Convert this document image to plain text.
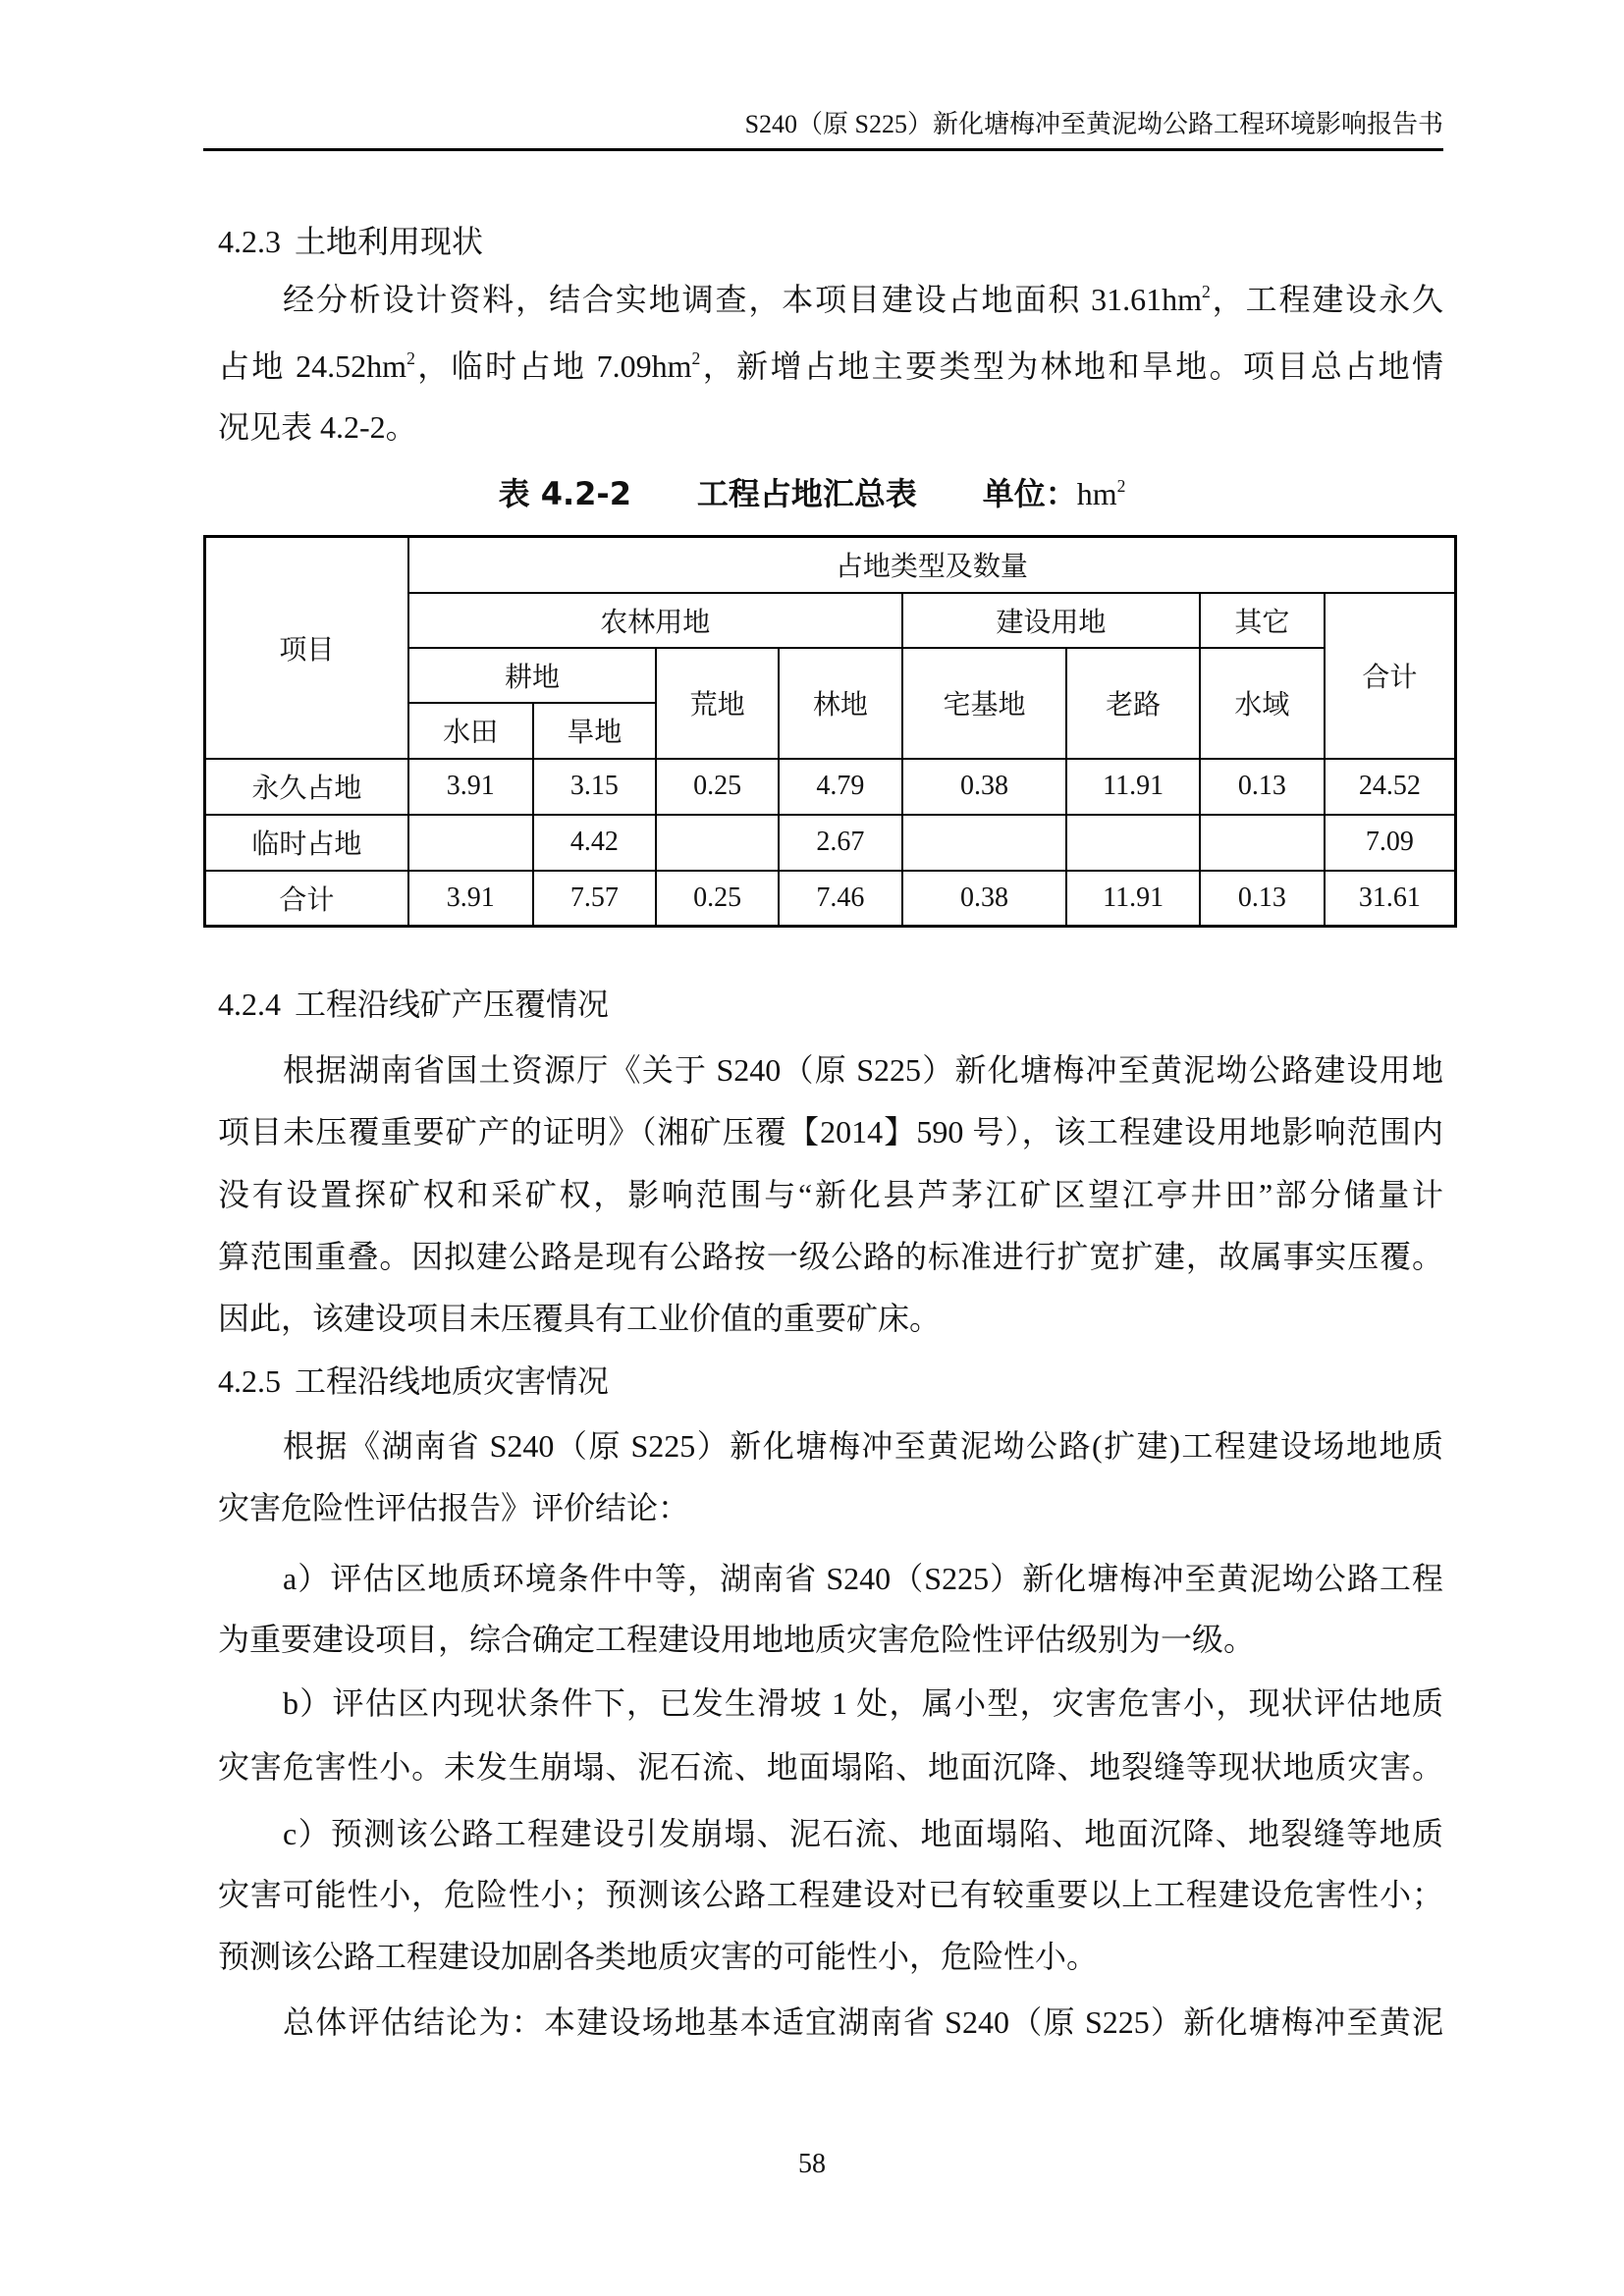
S240（原 S225）新化塘梅冲至黄泥坳公路工程环境影响报告书
4.2.3 土地利用现状
经分析设计资料，结合实地调查，本项目建设占地面积 $31.61hm^2$，工程建设永久
占地 $24.52hm^2$，临时占地 $7.09hm^2$，新增占地主要类型为林地和旱地。项目总占地情
况见表 4.2-2。
表 4.2-2 工程占地汇总表 单位：$hm^2$
项目	占地类型及数量							
	农林用地				建设用地		其它	合计
	耕地		荒地	林地	宅基地	老路	水域	
	水田	旱地						
永久占地	3.91	3.15	0.25	4.79	0.38	11.91	0.13	24.52
临时占地		4.42		2.67				7.09
合计	3.91	7.57	0.25	7.46	0.38	11.91	0.13	31.61
4.2.4 工程沿线矿产压覆情况
根据湖南省国土资源厅《关于 S240（原 S225）新化塘梅冲至黄泥坳公路建设用地
项目未压覆重要矿产的证明》（湘矿压覆【2014】590 号），该工程建设用地影响范围内
没有设置探矿权和采矿权，影响范围与“新化县芦茅江矿区望江亭井田”部分储量计
算范围重叠。因拟建公路是现有公路按一级公路的标准进行扩宽扩建，故属事实压覆。
因此，该建设项目未压覆具有工业价值的重要矿床。
4.2.5 工程沿线地质灾害情况
根据《湖南省 S240（原 S225）新化塘梅冲至黄泥坳公路(扩建)工程建设场地地质
灾害危险性评估报告》评价结论：
a）评估区地质环境条件中等，湖南省 S240（S225）新化塘梅冲至黄泥坳公路工程
为重要建设项目，综合确定工程建设用地地质灾害危险性评估级别为一级。
b）评估区内现状条件下，已发生滑坡 1 处，属小型，灾害危害小，现状评估地质
灾害危害性小。未发生崩塌、泥石流、地面塌陷、地面沉降、地裂缝等现状地质灾害。
c）预测该公路工程建设引发崩塌、泥石流、地面塌陷、地面沉降、地裂缝等地质
灾害可能性小，危险性小；预测该公路工程建设对已有较重要以上工程建设危害性小；
预测该公路工程建设加剧各类地质灾害的可能性小，危险性小。
总体评估结论为：本建设场地基本适宜湖南省 S240（原 S225）新化塘梅冲至黄泥
58
